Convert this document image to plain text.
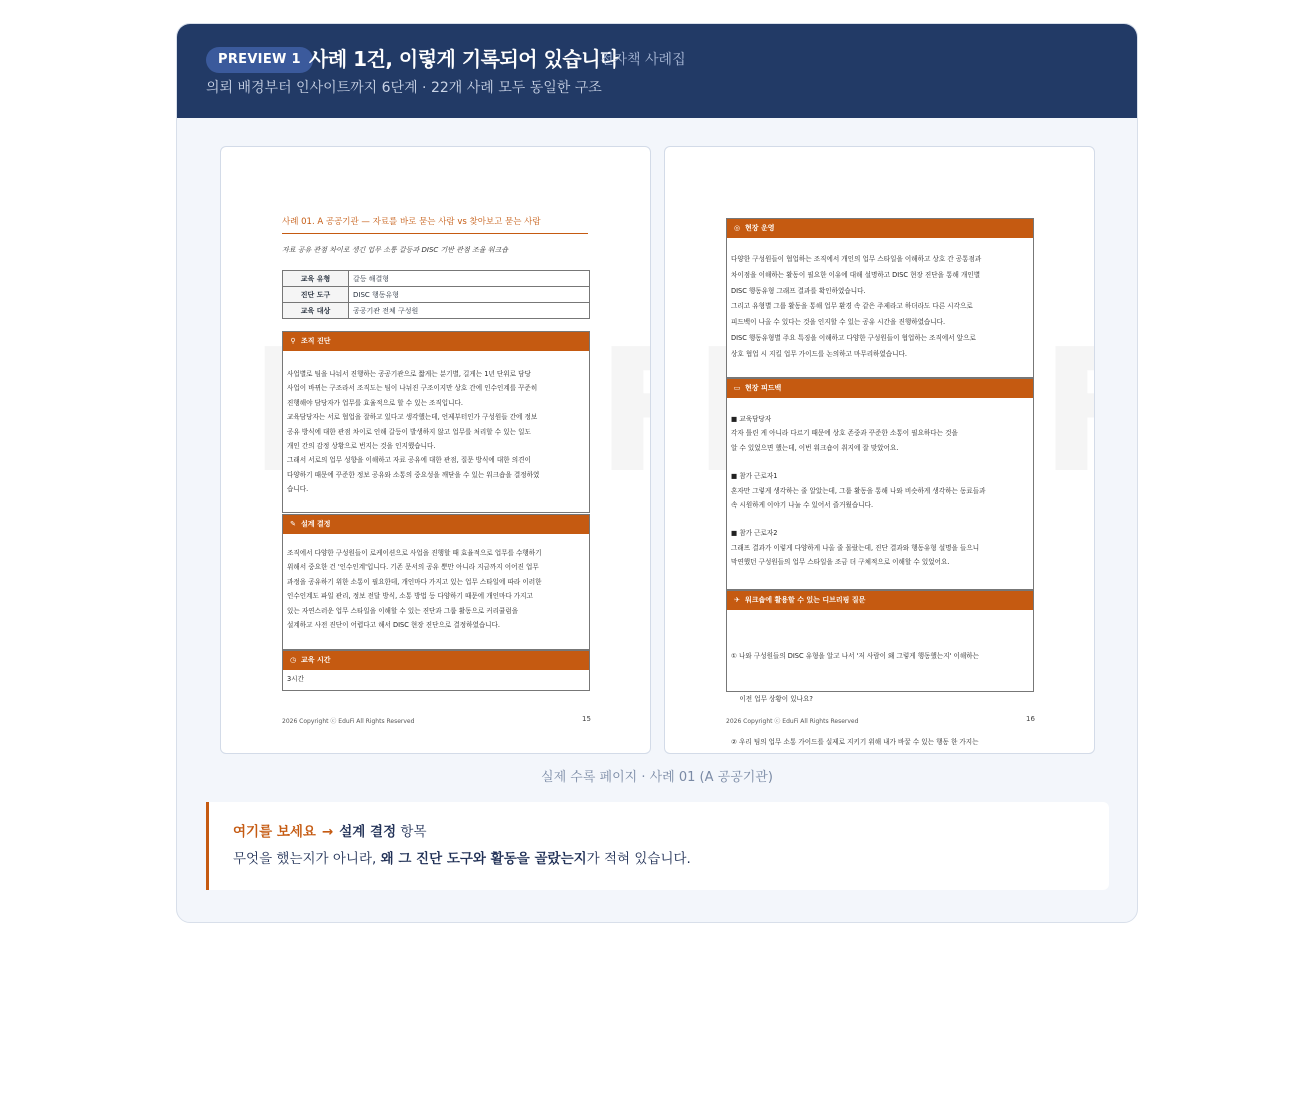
PREVIEW 1 사례 1건, 이렇게 기록되어 있습니다
전자책 사례집
의뢰 배경부터 인사이트까지 6단계 · 22개 사례 모두 동일한 구조
사례 01. A 공공기관 — 자료를 바로 묻는 사람 vs 찾아보고 묻는 사람
자료 공유 관점 차이로 생긴 업무 소통 갈등과 DISC 기반 관점 조율 워크숍
교육 유형	갈등 해결형
진단 도구	DISC 행동유형
교육 대상	공공기관 전체 구성원
⚲ 조직 진단

사업별로 팀을 나눠서 진행하는 공공기관으로 짧게는 분기별, 길게는 1년 단위로 담당

사업이 바뀌는 구조라서 조직도는 팀이 나뉘진 구조이지만 상호 간에 인수인계를 꾸준히

진행해야 담당자가 업무를 효율적으로 할 수 있는 조직입니다.

교육담당자는 서로 협업을 잘하고 있다고 생각했는데, 언제부터인가 구성원들 간에 정보

공유 방식에 대한 관점 차이로 인해 갈등이 발생하지 않고 업무를 처리할 수 있는 일도

개인 간의 감정 상황으로 번지는 것을 인지했습니다.

그래서 서로의 업무 성향을 이해하고 자료 공유에 대한 관점, 질문 방식에 대한 의견이

다양하기 때문에 꾸준한 정보 공유와 소통의 중요성을 깨닫을 수 있는 워크숍을 결정하였

습니다.

✎ 설계 결정

조직에서 다양한 구성원들이 로케이션으로 사업을 진행할 때 효율적으로 업무를 수행하기

위해서 중요한 건 '인수인계'입니다. 기존 문서의 공유 뿐만 아니라 지금까지 이어진 업무

과정을 공유하기 위한 소통이 필요한데, 개인마다 가지고 있는 업무 스타일에 따라 이러한

인수인계도 파일 관리, 정보 전달 방식, 소통 방법 등 다양하기 때문에 개인마다 가지고

있는 자연스러운 업무 스타일을 이해할 수 있는 진단과 그룹 활동으로 커리큘럼을

설계하고 사전 진단이 어렵다고 해서 DISC 현장 진단으로 결정하였습니다.

◷ 교육 시간

3시간

2026 Copyright ⓒ EduFi All Rights Reserved	15
◎ 현장 운영

다양한 구성원들이 협업하는 조직에서 개인의 업무 스타일을 이해하고 상호 간 공통점과

차이점을 이해하는 활동이 필요한 이유에 대해 설명하고 DISC 현장 진단을 통해 개인별

DISC 행동유형 그래프 결과를 확인하였습니다.

그리고 유형별 그룹 활동을 통해 업무 환경 속 같은 주제라고 하더라도 다른 시각으로

피드백이 나올 수 있다는 것을 인지할 수 있는 공유 시간을 진행하였습니다.

DISC 행동유형별 주요 특징을 이해하고 다양한 구성원들이 협업하는 조직에서 앞으로

상호 협업 시 지킬 업무 가이드를 논의하고 마무리하였습니다.

▭ 현장 피드백

■ 교육담당자

각자 틀린 게 아니라 다르기 때문에 상호 존중과 꾸준한 소통이 필요하다는 것을

알 수 있었으면 했는데, 이번 워크숍이 취지에 잘 맞았어요.

■ 참가 근로자1

혼자만 그렇게 생각하는 줄 알았는데, 그룹 활동을 통해 나와 비슷하게 생각하는 동료들과

속 시원하게 이야기 나눌 수 있어서 즐거웠습니다.

■ 참가 근로자2

그래프 결과가 이렇게 다양하게 나올 줄 몰랐는데, 진단 결과와 행동유형 설명을 들으니

막연했던 구성원들의 업무 스타일을 조금 더 구체적으로 이해할 수 있었어요.

✈ 워크숍에 활용할 수 있는 디브리핑 질문

① 나와 구성원들의 DISC 유형을 알고 나서 '저 사람이 왜 그렇게 행동했는지' 이해하는

이전 업무 상황이 있나요?

② 우리 팀의 업무 소통 가이드를 실제로 지키기 위해 내가 바꿀 수 있는 행동 한 가지는

2026 Copyright ⓒ EduFi All Rights Reserved	16
실제 수록 페이지 · 사례 01 (A 공공기관)
여기를 보세요 → 설계 결정 항목
무엇을 했는지가 아니라, 왜 그 진단 도구와 활동을 골랐는지가 적혀 있습니다.
